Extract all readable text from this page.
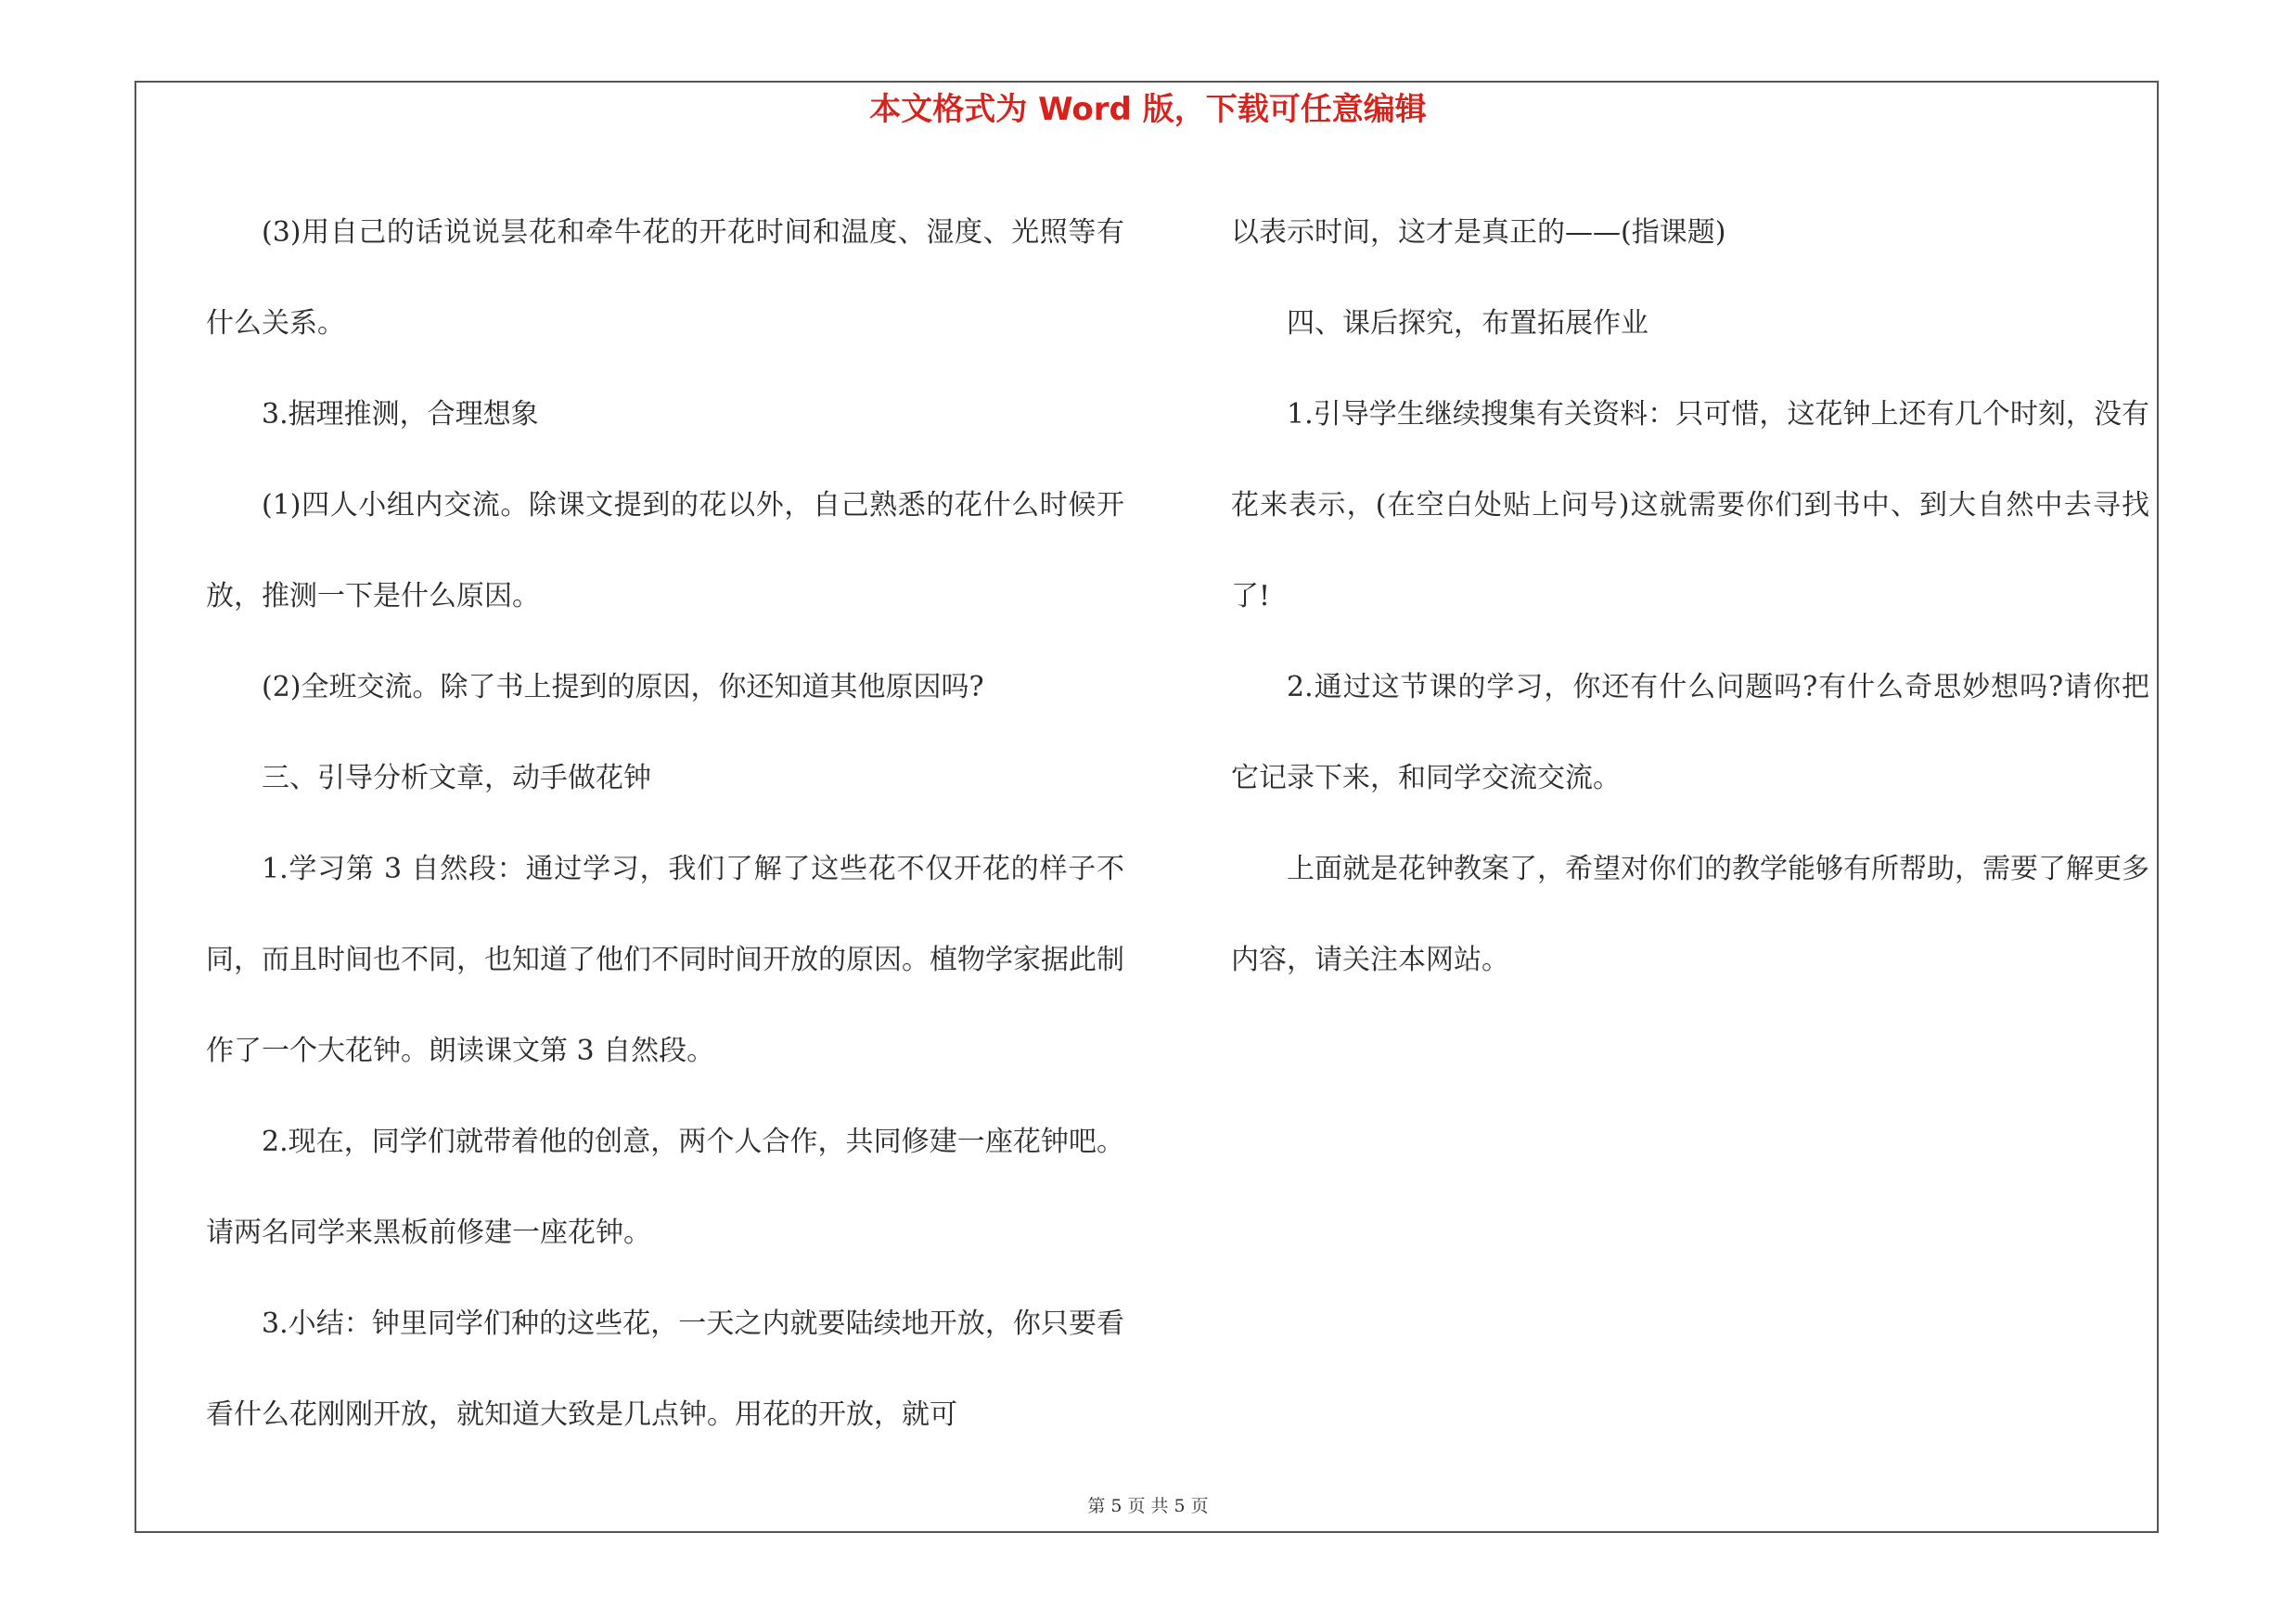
本文格式为 Word 版，下载可任意编辑

(3)用自己的话说说昙花和牵牛花的开花时间和温度、湿度、光照等有什么关系。

3.据理推测，合理想象

(1)四人小组内交流。除课文提到的花以外，自己熟悉的花什么时候开放，推测一下是什么原因。

(2)全班交流。除了书上提到的原因，你还知道其他原因吗?

三、引导分析文章，动手做花钟

1.学习第 3 自然段：通过学习，我们了解了这些花不仅开花的样子不同，而且时间也不同，也知道了他们不同时间开放的原因。植物学家据此制作了一个大花钟。朗读课文第 3 自然段。

2.现在，同学们就带着他的创意，两个人合作，共同修建一座花钟吧。请两名同学来黑板前修建一座花钟。

3.小结：钟里同学们种的这些花，一天之内就要陆续地开放，你只要看看什么花刚刚开放，就知道大致是几点钟。用花的开放，就可

以表示时间，这才是真正的——(指课题)

四、课后探究，布置拓展作业

1.引导学生继续搜集有关资料：只可惜，这花钟上还有几个时刻，没有花来表示，(在空白处贴上问号)这就需要你们到书中、到大自然中去寻找了!

2.通过这节课的学习，你还有什么问题吗?有什么奇思妙想吗?请你把它记录下来，和同学交流交流。

上面就是花钟教案了，希望对你们的教学能够有所帮助，需要了解更多内容，请关注本网站。

第 5 页 共 5 页
